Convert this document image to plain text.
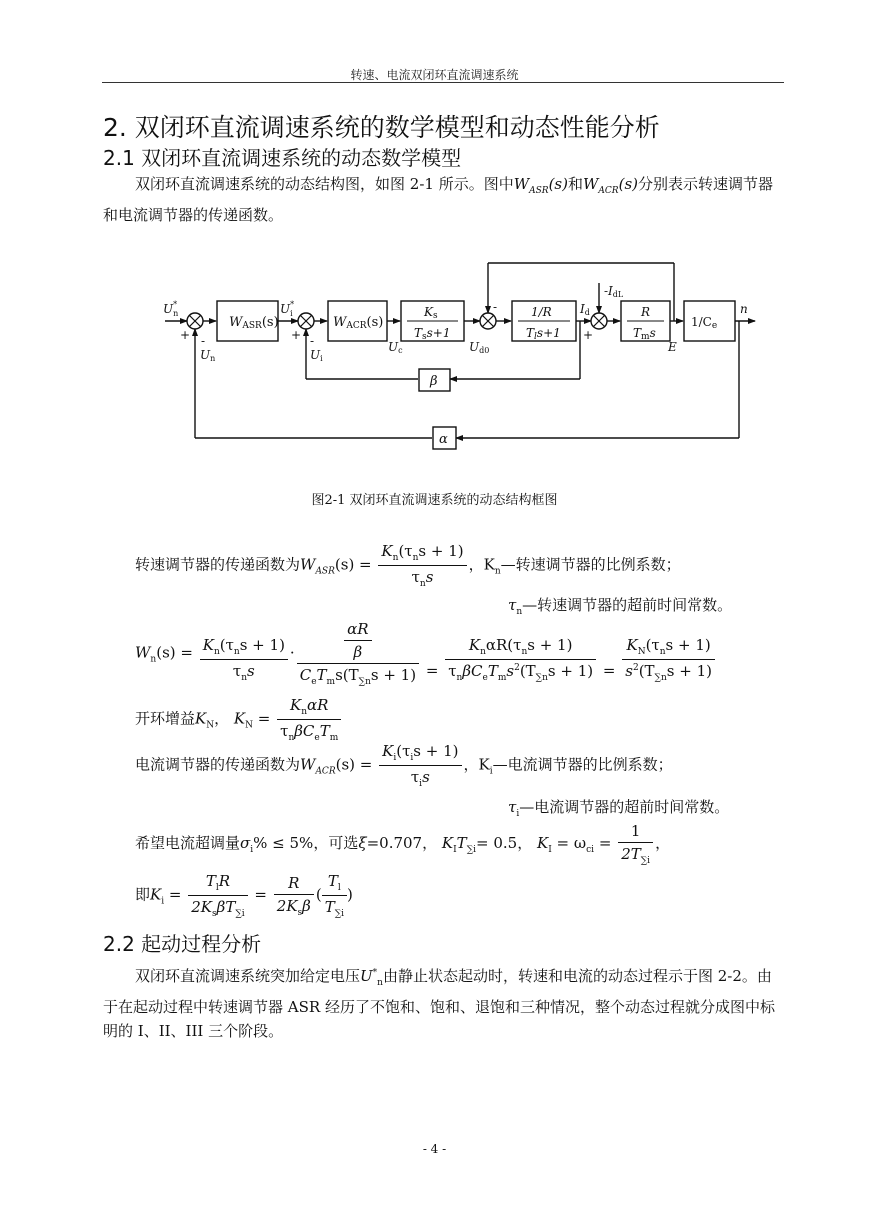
转速、电流双闭环直流调速系统
2. 双闭环直流调速系统的数学模型和动态性能分析
2.1 双闭环直流调速系统的动态数学模型
双闭环直流调速系统的动态结构图，如图 2-1 所示。图中$W_{ASR}(s)$和$W_{ACR}(s)$分别表示转速调节器和电流调节器的传递函数。
WASR(s)	WACR(s)
Ks
Tss+1
1/R
Tls+1
R
Tms
1/Ce
β
α
U* n
+ -
Un
U* i
+ -
Ui
Uc	Ud0
-	Id
-IdL
+
E
n
图2-1 双闭环直流调速系统的动态结构框图
转速调节器的传递函数为$W_{ASR}(s) = \frac{K_n(\tau_ns + 1)}{\tau_ns}$ ，$K_n—$转速调节器的比例系数；
$\tau_n—$转速调节器的超前时间常数。
$W_n(s) = \frac{K_n(\tau_ns + 1)}{\tau_ns} \cdot \frac{\frac{\alpha R}{\beta}}{C_eT_ms(T_{\sum n}s + 1)} = \frac{K_n\alpha R(\tau_ns + 1)}{\tau_n\beta C_eT_ms^2(T_{\sum n}s + 1)} = \frac{K_N(\tau_ns + 1)}{s^2(T_{\sum n}s + 1)}$
开环增益$K_N$， $K_N = \frac{K_n\alpha R}{\tau_n\beta C_eT_m}$
电流调节器的传递函数为$W_{ACR}(s) = \frac{K_i(\tau_is + 1)}{\tau_is}$ ，$K_i—$电流调节器的比例系数；
$\tau_i—$电流调节器的超前时间常数。
希望电流超调量$\sigma_i\% \le 5\%$，可选ξ=0.707， $K_IT_{\sum i}= 0.5$， $K_I = \omega_{ci} = \frac{1}{2T_{\sum i}}$ ，
即$K_i = \frac{T_lR}{2K_s\beta T_{\sum i}} = \frac{R}{2K_s\beta}$ ( $\frac{T_l}{T_{\sum i}}$ )
2.2 起动过程分析
双闭环直流调速系统突加给定电压$U^*_n$由静止状态起动时，转速和电流的动态过程示于图 2-2。由于在起动过程中转速调节器 ASR 经历了不饱和、饱和、退饱和三种情况，整个动态过程就分成图中标明的 I、II、III 三个阶段。
- 4 -
